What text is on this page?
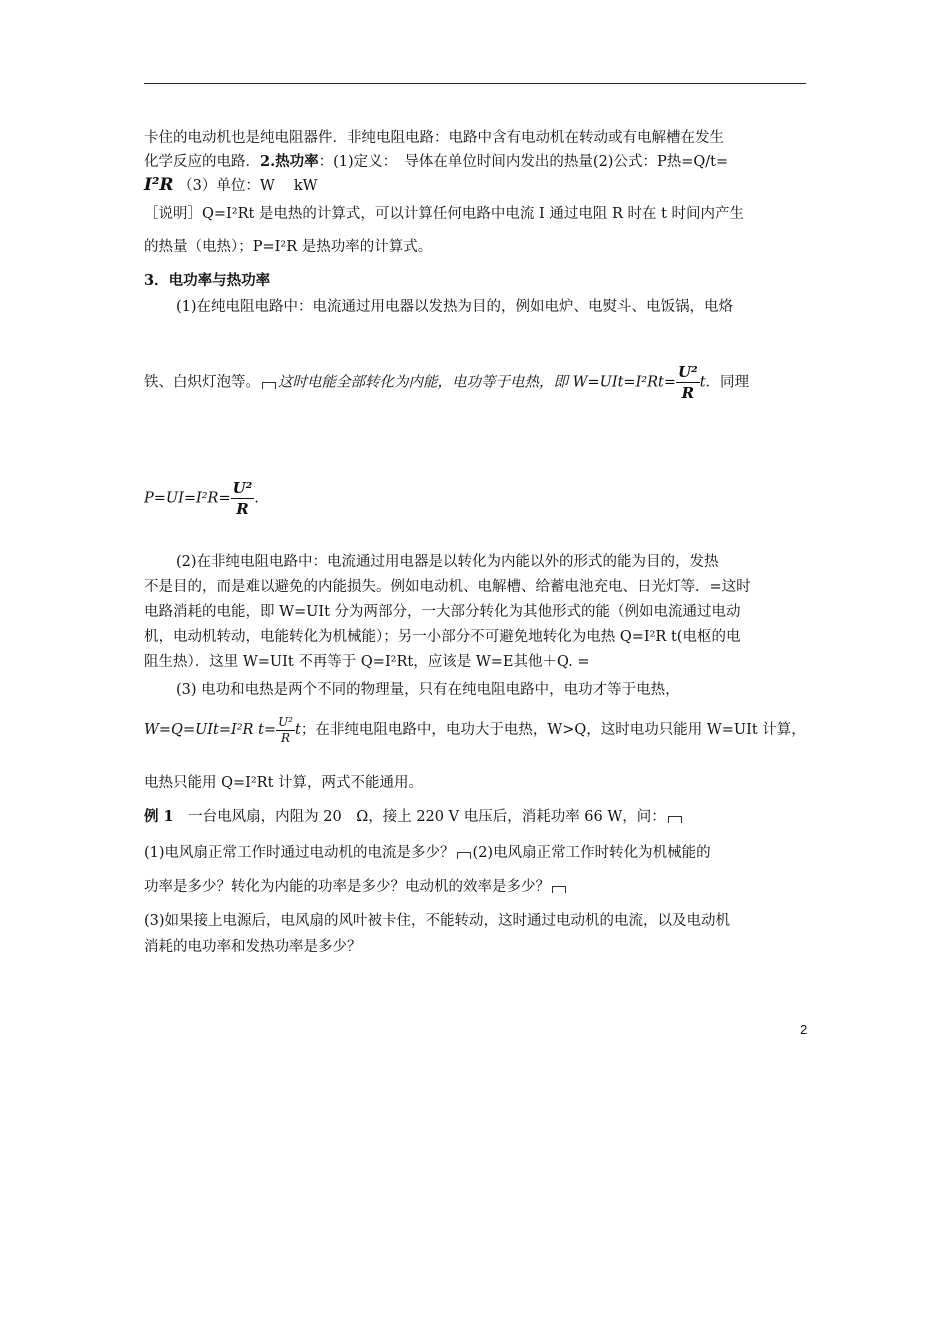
卡住的电动机也是纯电阻器件．非纯电阻电路：电路中含有电动机在转动或有电解槽在发生
化学反应的电路．2.热功率：(1)定义：　导体在单位时间内发出的热量(2)公式：P热=Q/t=
I²R （3）单位：W　 kW
［说明］Q=I²Rt 是电热的计算式，可以计算任何电路中电流 I 通过电阻 R 时在 t 时间内产生
的热量（电热）；P=I²R 是热功率的计算式。
3．电功率与热功率
(1)在纯电阻电路中：电流通过用电器以发热为目的，例如电炉、电熨斗、电饭锅，电烙
铁、白炽灯泡等。 这时电能全部转化为内能，电功等于电热，即 $W=UIt=I^2Rt= \frac{\text{U²}}{R}$ t．同理
$P=UI=I^2R= \frac{\text{U²}}{R}$ .
(2)在非纯电阻电路中：电流通过用电器是以转化为内能以外的形式的能为目的，发热
不是目的，而是难以避免的内能损失。例如电动机、电解槽、给蓄电池充电、日光灯等．=这时
电路消耗的电能，即 W=UIt 分为两部分，一大部分转化为其他形式的能（例如电流通过电动
机，电动机转动，电能转化为机械能）；另一小部分不可避免地转化为电热 Q=I²R t(电枢的电
阻生热）．这里 W=UIt 不再等于 Q=I²Rt，应该是 W=E其他＋Q. =
(3) 电功和电热是两个不同的物理量，只有在纯电阻电路中，电功才等于电热，
W=Q=UIt=I²R $t= \frac{\text{U²}}{R}$ t；在非纯电阻电路中，电功大于电热，W>Q，这时电功只能用 W=UIt 计算，
电热只能用 Q=I²Rt 计算，两式不能通用。
例 1　 一台电风扇，内阻为 20　Ω，接上 220 V 电压后，消耗功率 66 W，问：
(1)电风扇正常工作时通过电动机的电流是多少？ (2)电风扇正常工作时转化为机械能的
功率是多少？转化为内能的功率是多少？电动机的效率是多少？
(3)如果接上电源后，电风扇的风叶被卡住，不能转动，这时通过电动机的电流，以及电动机
消耗的电功率和发热功率是多少？
2
